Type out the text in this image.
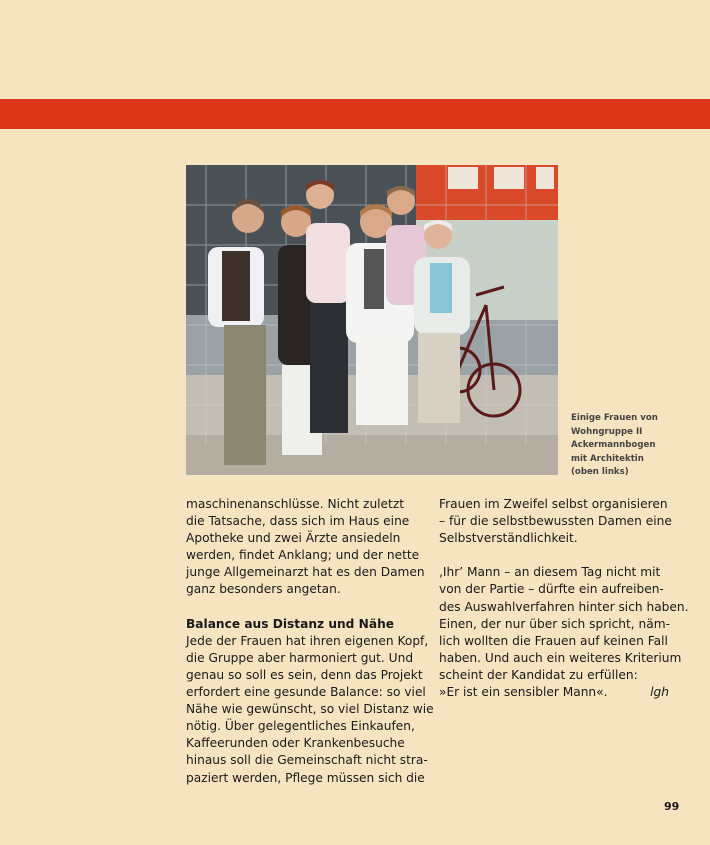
Einige Frauen von
Wohngruppe II
Ackermannbogen
mit Architektin
(oben links)
maschinenanschlüsse. Nicht zuletzt
die Tatsache, dass sich im Haus eine
Apotheke und zwei Ärzte ansiedeln
werden, findet Anklang; und der nette
junge Allgemeinarzt hat es den Damen
ganz besonders angetan.
Balance aus Distanz und Nähe
Jede der Frauen hat ihren eigenen Kopf,
die Gruppe aber harmoniert gut. Und
genau so soll es sein, denn das Projekt
erfordert eine gesunde Balance: so viel
Nähe wie gewünscht, so viel Distanz wie
nötig. Über gelegentliches Einkaufen,
Kaffeerunden oder Krankenbesuche
hinaus soll die Gemeinschaft nicht stra-
paziert werden, Pflege müssen sich die
Frauen im Zweifel selbst organisieren
– für die selbstbewussten Damen eine
Selbstverständlichkeit.
‚Ihr’ Mann – an diesem Tag nicht mit
von der Partie – dürfte ein aufreiben-
des Auswahlverfahren hinter sich haben.
Einen, der nur über sich spricht, näm-
lich wollten die Frauen auf keinen Fall
haben. Und auch ein weiteres Kriterium
scheint der Kandidat zu erfüllen:
»Er ist ein sensibler Mann«.	lgh
99
